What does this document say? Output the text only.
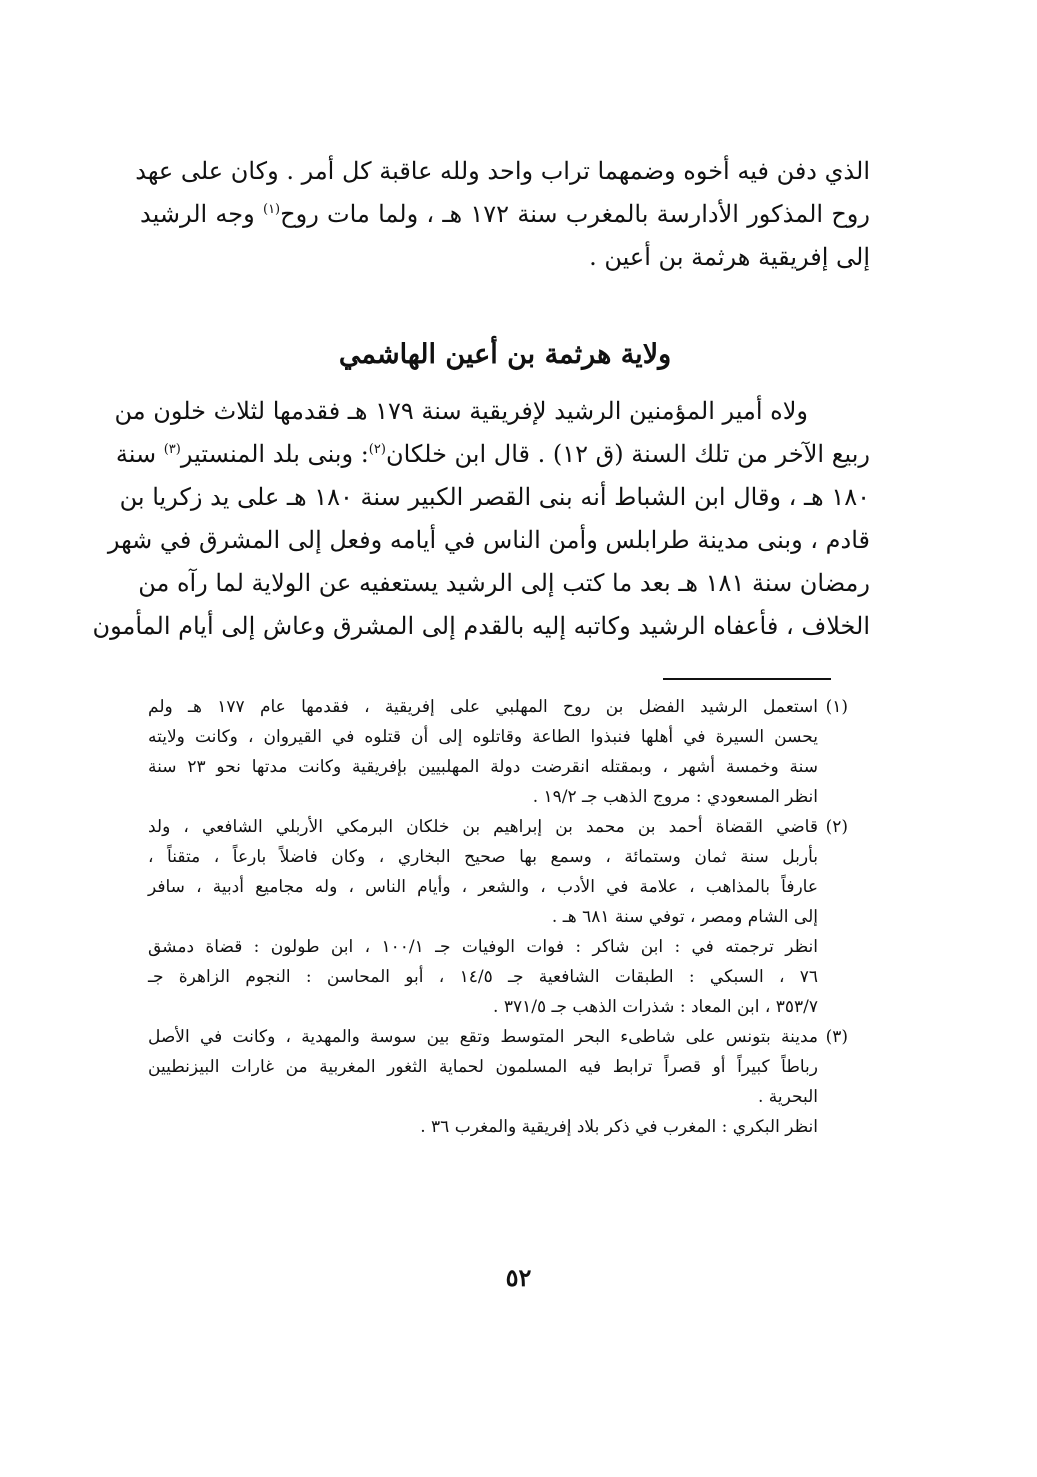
الذي دفن فيه أخوه وضمهما تراب واحد ولله عاقبة كل أمر . وكان على عهد
روح المذكور الأدارسة بالمغرب سنة ١٧٢ هـ ، ولما مات روح$^{(١)}$ وجه الرشيد
إلى إفريقية هرثمة بن أعين .
ولاية هرثمة بن أعين الهاشمي
ولاه أمير المؤمنين الرشيد لإفريقية سنة ١٧٩ هـ فقدمها لثلاث خلون من
ربيع الآخر من تلك السنة (ق ١٢) . قال ابن خلكان$^{(٢)}$: وبنى بلد المنستير$^{(٣)}$ سنة
١٨٠ هـ ، وقال ابن الشباط أنه بنى القصر الكبير سنة ١٨٠ هـ على يد زكريا بن
قادم ، وبنى مدينة طرابلس وأمن الناس في أيامه وفعل إلى المشرق في شهر
رمضان سنة ١٨١ هـ بعد ما كتب إلى الرشيد يستعفيه عن الولاية لما رآه من
الخلاف ، فأعفاه الرشيد وكاتبه إليه بالقدم إلى المشرق وعاش إلى أيام المأمون
(١)استعمل الرشيد الفضل بن روح المهلبي على إفريقية ، فقدمها عام ١٧٧ هـ ولم
يحسن السيرة في أهلها فنبذوا الطاعة وقاتلوه إلى أن قتلوه في القيروان ، وكانت ولايته
سنة وخمسة أشهر ، وبمقتله انقرضت دولة المهلبيين بإفريقية وكانت مدتها نحو ٢٣ سنة
انظر المسعودي : مروج الذهب جـ ١٩/٢ .
(٢)قاضي القضاة أحمد بن محمد بن إبراهيم بن خلكان البرمكي الأربلي الشافعي ، ولد
بأربل سنة ثمان وستمائة ، وسمع بها صحيح البخاري ، وكان فاضلاً بارعاً ، متقناً ،
عارفاً بالمذاهب ، علامة في الأدب ، والشعر ، وأيام الناس ، وله مجاميع أدبية ، سافر
إلى الشام ومصر ، توفي سنة ٦٨١ هـ .
انظر ترجمته في : ابن شاكر : فوات الوفيات جـ ١٠٠/١ ، ابن طولون : قضاة دمشق
٧٦ ، السبكي : الطبقات الشافعية جـ ١٤/٥ ، أبو المحاسن : النجوم الزاهرة جـ
٣٥٣/٧ ، ابن المعاد : شذرات الذهب جـ ٣٧١/٥ .
(٣)مدينة بتونس على شاطىء البحر المتوسط وتقع بين سوسة والمهدية ، وكانت في الأصل
رباطاً كبيراً أو قصراً ترابط فيه المسلمون لحماية الثغور المغربية من غارات البيزنطيين
البحرية .
انظر البكري : المغرب في ذكر بلاد إفريقية والمغرب ٣٦ .
٥٢
